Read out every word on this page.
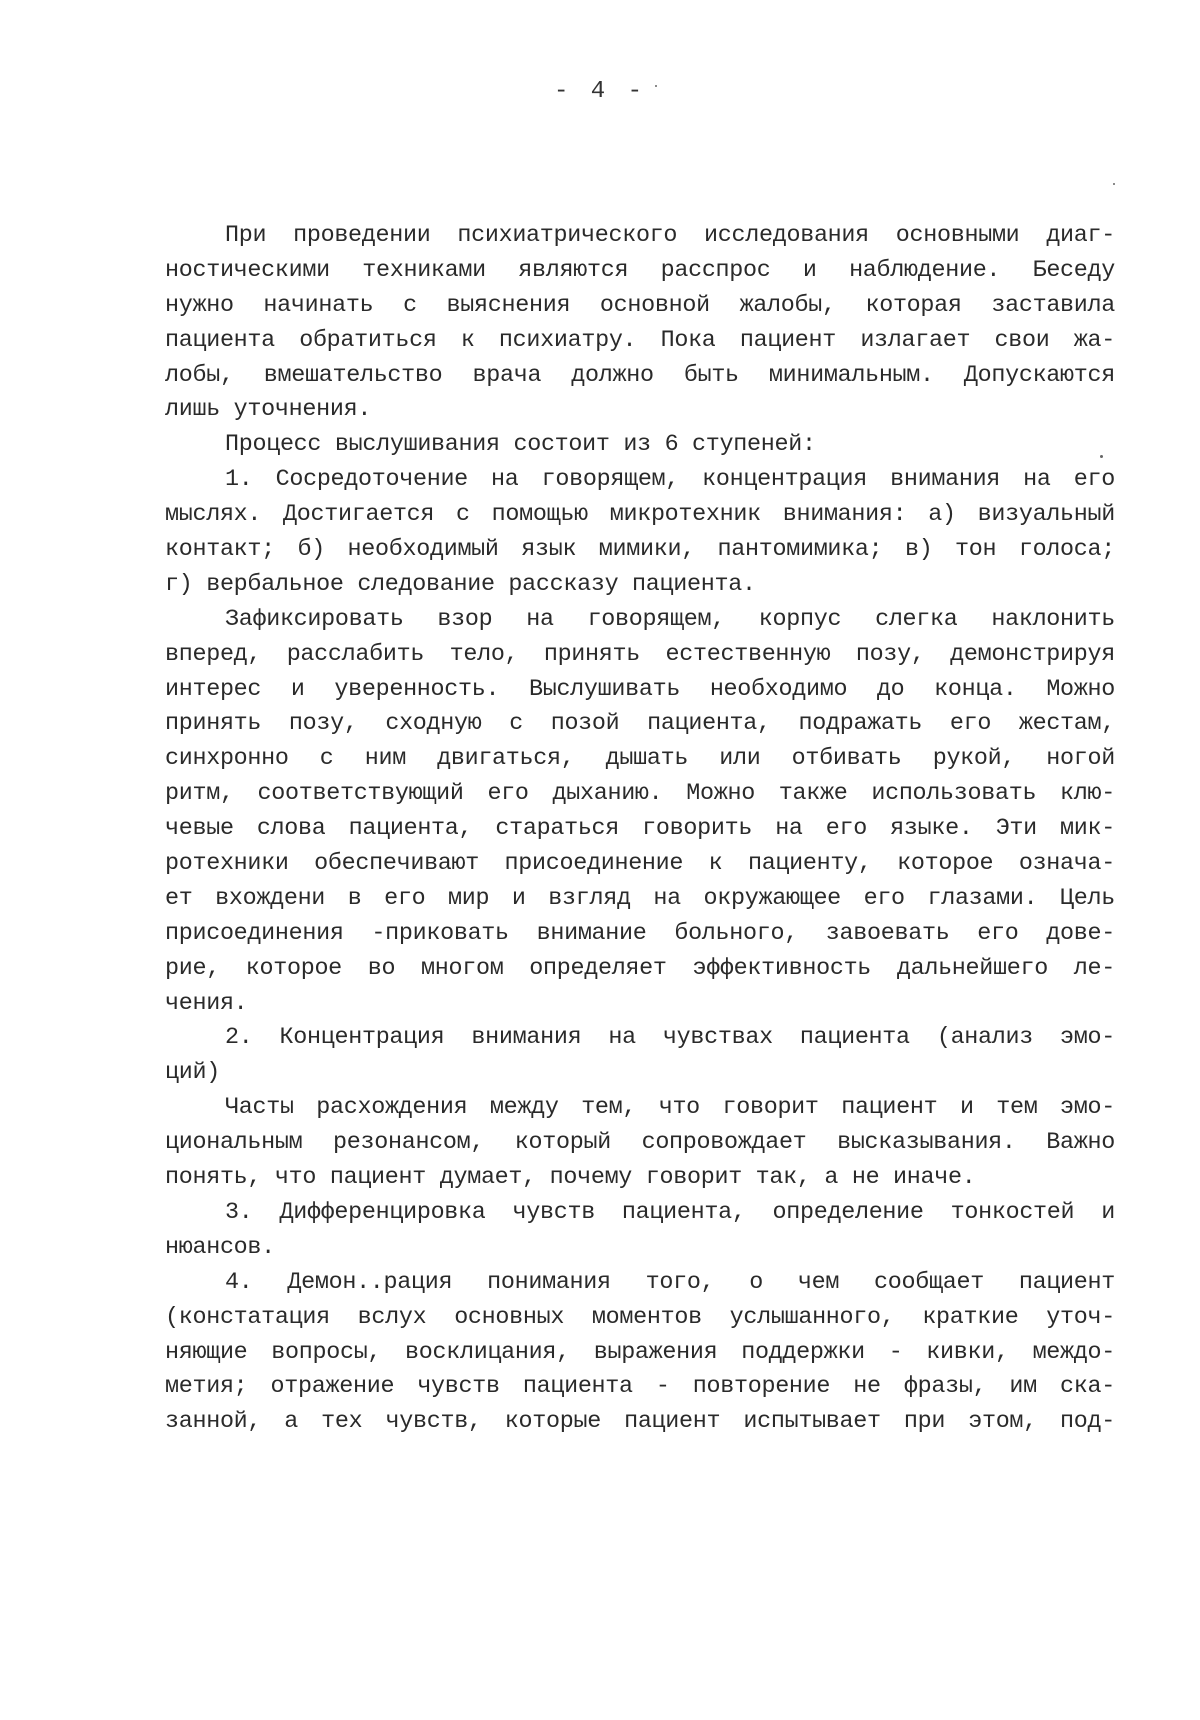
- 4 -
При проведении психиатрического исследования основными диаг-
ностическими техниками являются расспрос и наблюдение. Беседу
нужно начинать с выяснения основной жалобы, которая заставила
пациента обратиться к психиатру. Пока пациент излагает свои жа-
лобы, вмешательство врача должно быть минимальным. Допускаются
лишь уточнения.
Процесс выслушивания состоит из 6 ступеней:
1. Сосредоточение на говорящем, концентрация внимания на его
мыслях. Достигается с помощью микротехник внимания: а) визуальный
контакт; б) необходимый язык мимики, пантомимика; в) тон голоса;
г) вербальное следование рассказу пациента.
Зафиксировать взор на говорящем, корпус слегка наклонить
вперед, расслабить тело, принять естественную позу, демонстрируя
интерес и уверенность. Выслушивать необходимо до конца. Можно
принять позу, сходную с позой пациента, подражать его жестам,
синхронно с ним двигаться, дышать или отбивать рукой, ногой
ритм, соответствующий его дыханию. Можно также использовать клю-
чевые слова пациента, стараться говорить на его языке. Эти мик-
ротехники обеспечивают присоединение к пациенту, которое означа-
ет вхождени в его мир и взгляд на окружающее его глазами. Цель
присоединения -приковать внимание больного, завоевать его дове-
рие, которое во многом определяет эффективность дальнейшего ле-
чения.
2. Концентрация внимания на чувствах пациента (анализ эмо-
ций)
Часты расхождения между тем, что говорит пациент и тем эмо-
циональным резонансом, который сопровождает высказывания. Важно
понять, что пациент думает, почему говорит так, а не иначе.
3. Дифференцировка чувств пациента, определение тонкостей и
нюансов.
4. Демон..рация понимания того, о чем сообщает пациент
(констатация вслух основных моментов услышанного, краткие уточ-
няющие вопросы, восклицания, выражения поддержки - кивки, междо-
метия; отражение чувств пациента - повторение не фразы, им ска-
занной, а тех чувств, которые пациент испытывает при этом, под-
